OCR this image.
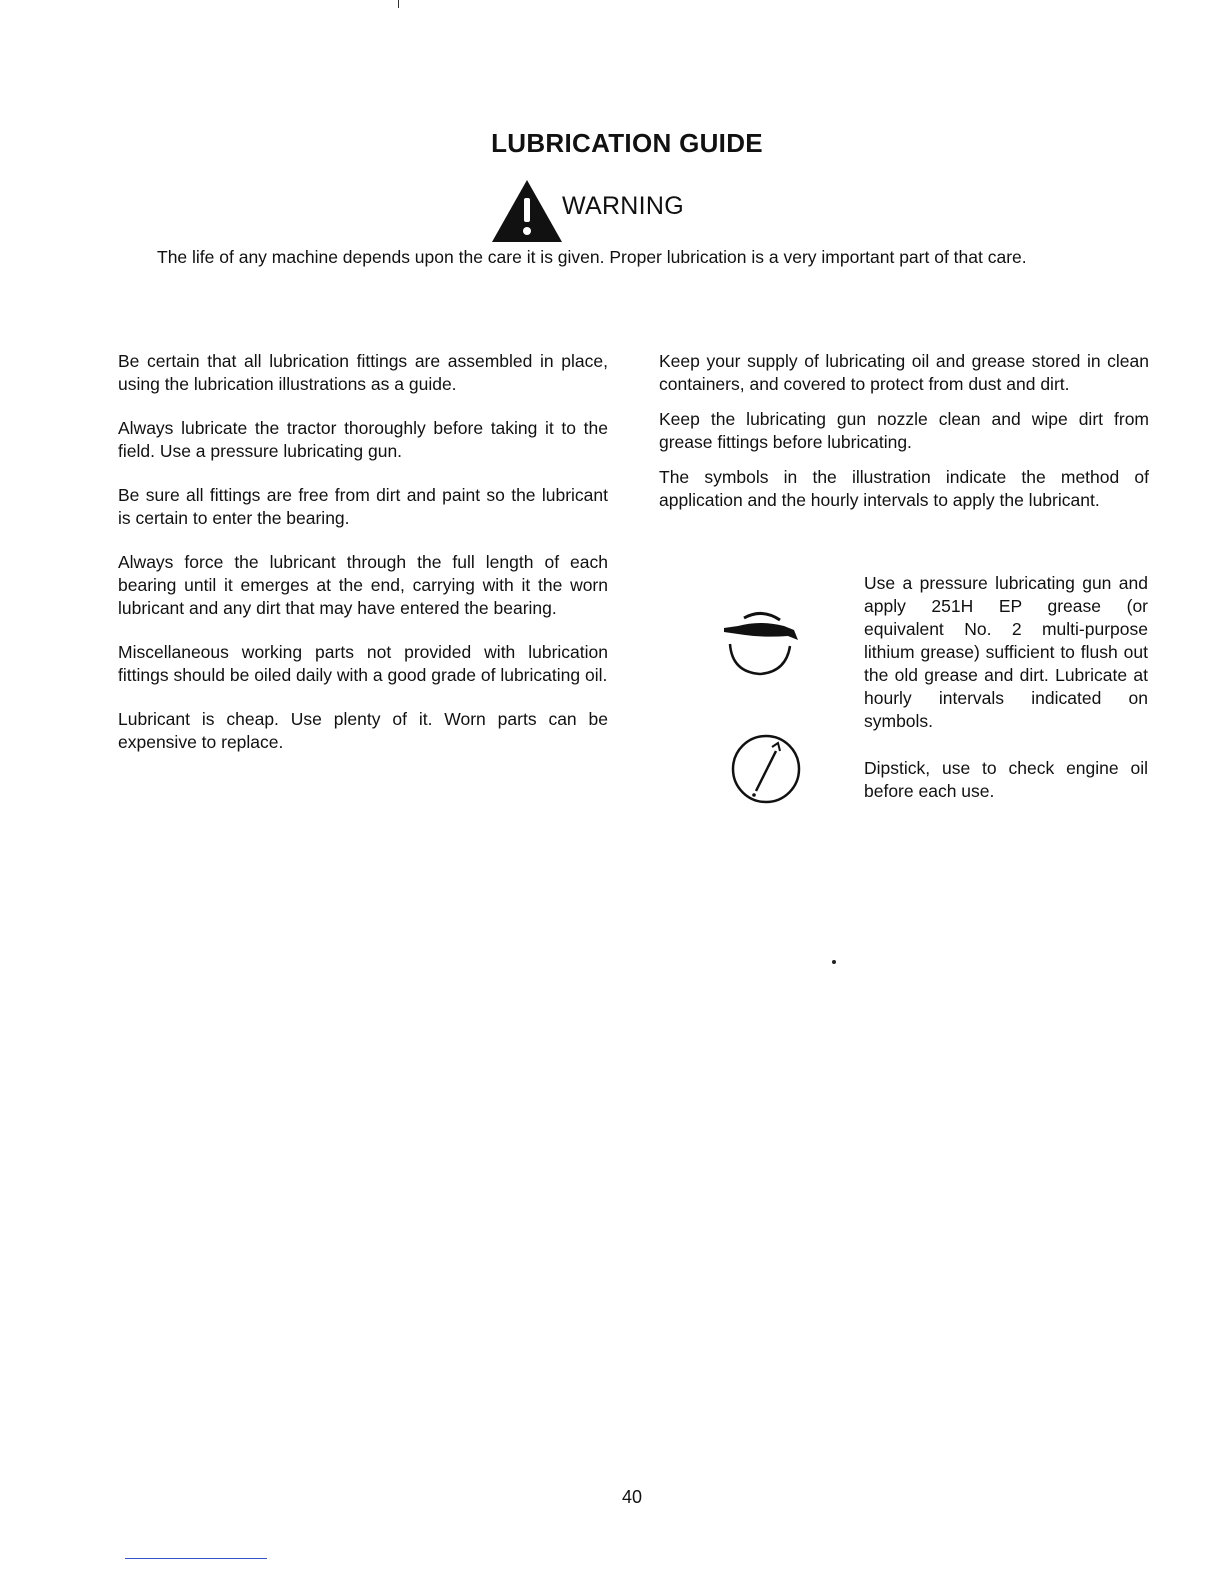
LUBRICATION GUIDE
WARNING

The life of any machine depends upon the care it is given. Proper lubrication is a very important part of that care.

Be certain that all lubrication fittings are assembled in place, using the lubrication illustrations as a guide.

Always lubricate the tractor thoroughly before taking it to the field. Use a pressure lubricating gun.

Be sure all fittings are free from dirt and paint so the lubricant is certain to enter the bearing.

Always force the lubricant through the full length of each bearing until it emerges at the end, carrying with it the worn lubricant and any dirt that may have entered the bearing.

Miscellaneous working parts not provided with lubrication fittings should be oiled daily with a good grade of lubricating oil.

Lubricant is cheap. Use plenty of it. Worn parts can be expensive to replace.

Keep your supply of lubricating oil and grease stored in clean containers, and covered to protect from dust and dirt.

Keep the lubricating gun nozzle clean and wipe dirt from grease fittings before lubricating.

The symbols in the illustration indicate the method of application and the hourly intervals to apply the lubricant.

Use a pressure lubricating gun and apply 251H EP grease (or equivalent No. 2 multi-purpose lithium grease) sufficient to flush out the old grease and dirt. Lubricate at hourly intervals indicated on symbols.

Dipstick, use to check engine oil before each use.

40
